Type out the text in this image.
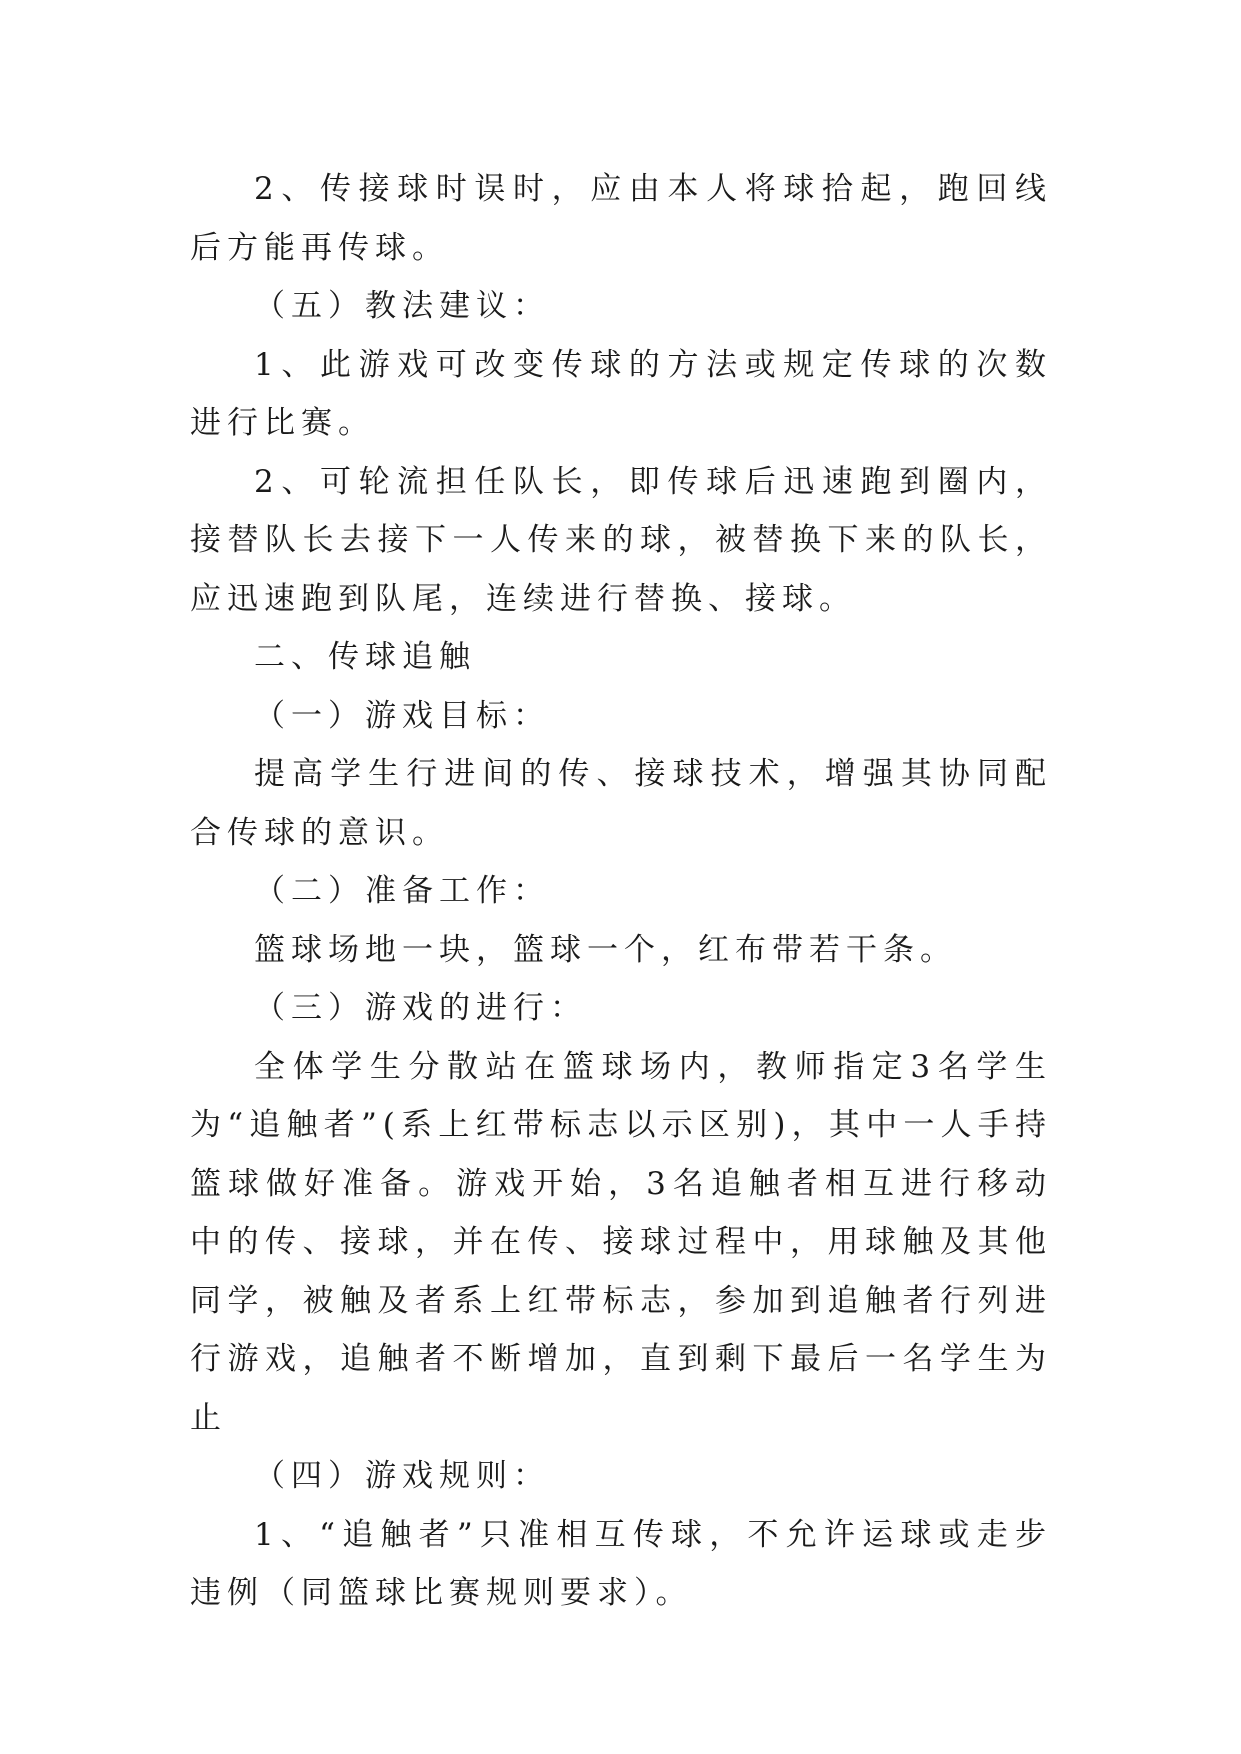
2、传接球时误时，应由本人将球拾起，跑回线后方能再传球。

（五）教法建议：

1、此游戏可改变传球的方法或规定传球的次数进行比赛。

2、可轮流担任队长，即传球后迅速跑到圈内，接替队长去接下一人传来的球，被替换下来的队长，应迅速跑到队尾，连续进行替换、接球。

二、传球追触

（一）游戏目标：

提高学生行进间的传、接球技术，增强其协同配合传球的意识。

（二）准备工作：

篮球场地一块，篮球一个，红布带若干条。

（三）游戏的进行：

全体学生分散站在篮球场内，教师指定3名学生为“追触者”(系上红带标志以示区别)，其中一人手持篮球做好准备。游戏开始，3名追触者相互进行移动中的传、接球，并在传、接球过程中，用球触及其他同学，被触及者系上红带标志，参加到追触者行列进行游戏，追触者不断增加，直到剩下最后一名学生为止

（四）游戏规则：

1、“追触者”只准相互传球，不允许运球或走步违例（同篮球比赛规则要求）。
